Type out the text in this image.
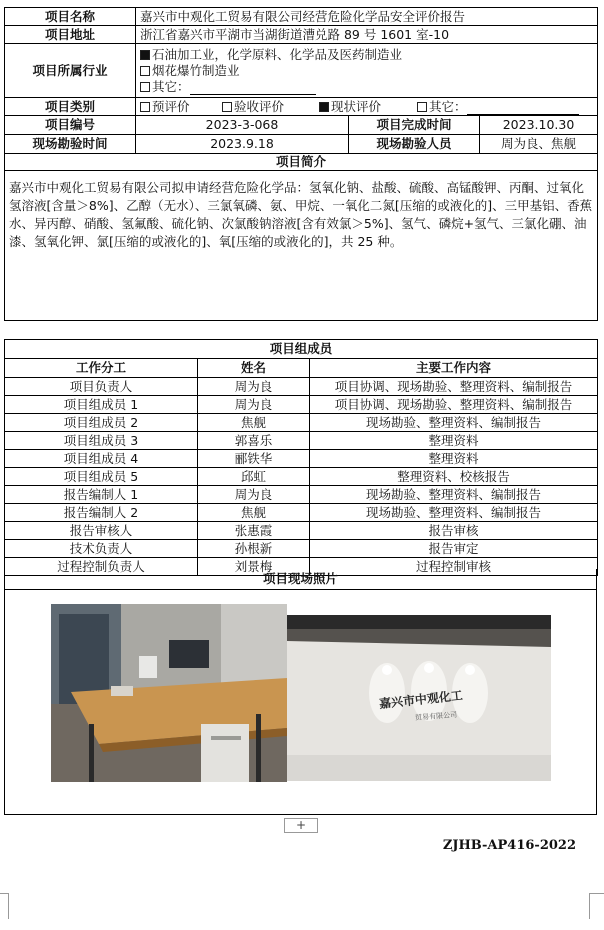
项目名称	嘉兴市中观化工贸易有限公司经营危险化学品安全评价报告		
项目地址	浙江省嘉兴市平湖市当湖街道漕兑路 89 号 1601 室-10		
项目所属行业	石油加工业，化学原料、化学品及医药制造业
烟花爆竹制造业
其它：		

项目类别	预评价 验收评价 现状评价 其它：		
项目编号	2023-3-068	项目完成时间	2023.10.30
现场勘验时间	2023.9.18	现场勘验人员	周为良、焦舰
项目简介			
嘉兴市中观化工贸易有限公司拟申请经营危险化学品：氢氧化钠、盐酸、硫酸、高锰酸钾、丙酮、过氧化氢溶液[含量＞8%]、乙醇（无水）、三氯氧磷、氨、甲烷、一氧化二氮[压缩的或液化的]、三甲基铝、香蕉水、异丙醇、硝酸、氢氟酸、硫化钠、次氯酸钠溶液[含有效氯＞5%]、氢气、磷烷+氢气、三氯化硼、油漆、氢氧化钾、氯[压缩的或液化的]、氧[压缩的或液化的]，共 25 种。			
项目组成员		
工作分工	姓名	主要工作内容
项目负责人	周为良	项目协调、现场勘验、整理资料、编制报告
项目组成员 1	周为良	项目协调、现场勘验、整理资料、编制报告
项目组成员 2	焦舰	现场勘验、整理资料、编制报告
项目组成员 3	郭喜乐	整理资料
项目组成员 4	郦铁华	整理资料
项目组成员 5	邱虹	整理资料、校核报告
报告编制人 1	周为良	现场勘验、整理资料、编制报告
报告编制人 2	焦舰	现场勘验、整理资料、编制报告
报告审核人	张惠霞	报告审核
技术负责人	孙根新	报告审定
过程控制负责人	刘景梅	过程控制审核
项目现场照片
嘉兴市中观化工
贸易有限公司
+
ZJHB-AP416-2022
